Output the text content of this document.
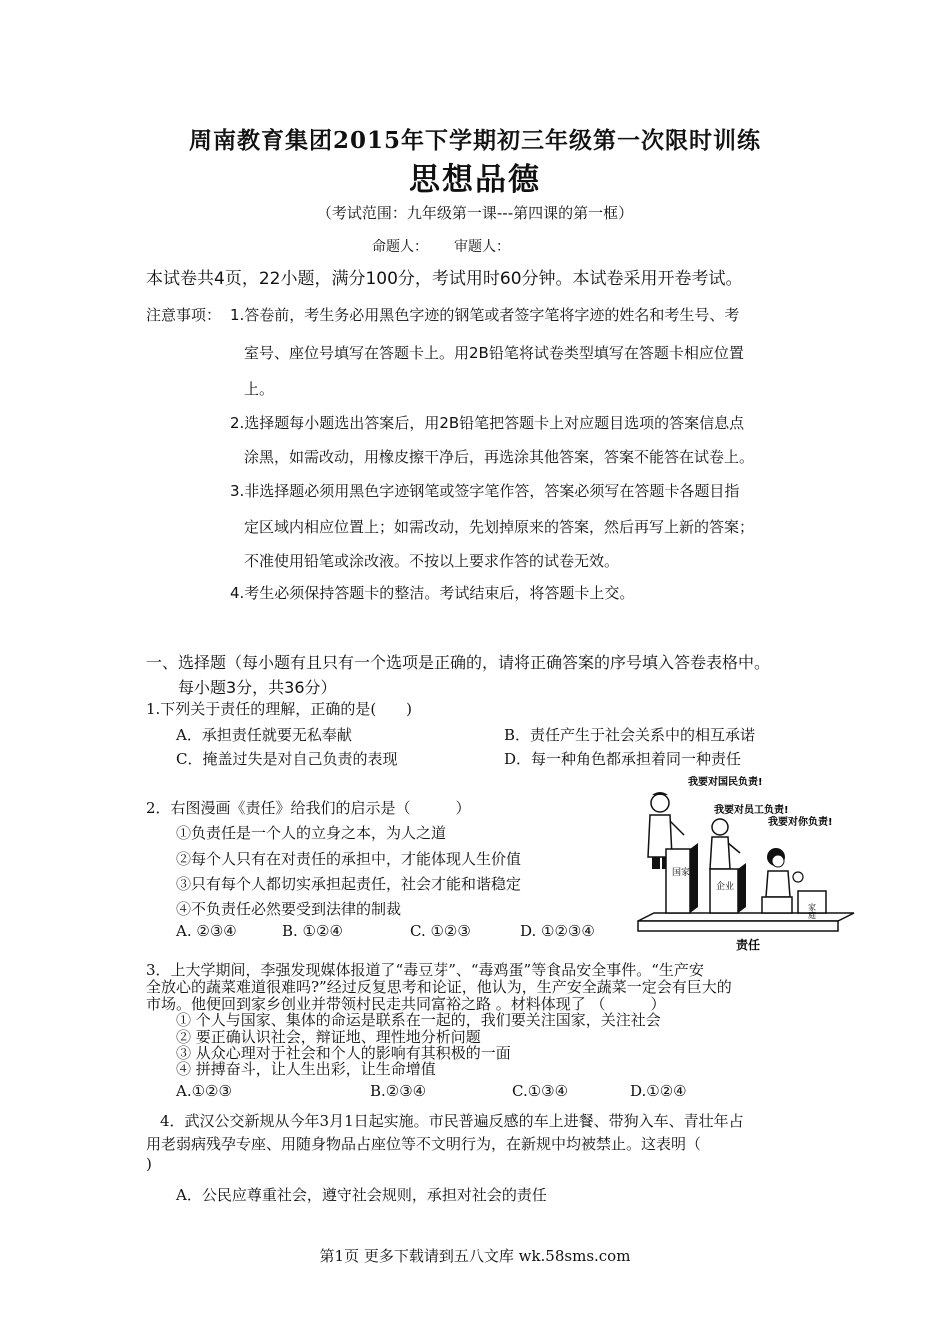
周南教育集团2015年下学期初三年级第一次限时训练
思想品德
（考试范围：九年级第一课---第四课的第一框）
命题人： 审题人：
本试卷共4页，22小题，满分100分，考试用时60分钟。本试卷采用开卷考试。
注意事项： 1.答卷前，考生务必用黑色字迹的钢笔或者签字笔将字迹的姓名和考生号、考
室号、座位号填写在答题卡上。用2B铅笔将试卷类型填写在答题卡相应位置
上。
2.选择题每小题选出答案后，用2B铅笔把答题卡上对应题目选项的答案信息点
涂黑，如需改动，用橡皮擦干净后，再选涂其他答案，答案不能答在试卷上。
3.非选择题必须用黑色字迹钢笔或签字笔作答，答案必须写在答题卡各题目指
定区域内相应位置上；如需改动，先划掉原来的答案，然后再写上新的答案；
不准使用铅笔或涂改液。不按以上要求作答的试卷无效。
4.考生必须保持答题卡的整洁。考试结束后，将答题卡上交。
一、选择题（每小题有且只有一个选项是正确的，请将正确答案的序号填入答卷表格中。
每小题3分，共36分）
1.下列关于责任的理解，正确的是(　　)
A．承担责任就要无私奉献	B．责任产生于社会关系中的相互承诺
C．掩盖过失是对自己负责的表现	D．每一种角色都承担着同一种责任
2．右图漫画《责任》给我们的启示是（　　　）
①负责任是一个人的立身之本，为人之道
②每个人只有在对责任的承担中，才能体现人生价值
③只有每个人都切实承担起责任，社会才能和谐稳定
④不负责任必然要受到法律的制裁
A. ②③④	B. ①②④	C. ①②③	D. ①②③④
我要对国民负责!
我要对员工负责!
我要对你负责!
国家
企业
家庭
责任
3．上大学期间，李强发现媒体报道了“毒豆芽”、“毒鸡蛋”等食品安全事件。“生产安
全放心的蔬菜难道很难吗?”经过反复思考和论证，他认为，生产安全蔬菜一定会有巨大的
市场。他便回到家乡创业并带领村民走共同富裕之路 。材料体现了 （　　　）
① 个人与国家、集体的命运是联系在一起的，我们要关注国家，关注社会
② 要正确认识社会，辩证地、理性地分析问题
③ 从众心理对于社会和个人的影响有其积极的一面
④ 拼搏奋斗，让人生出彩，让生命增值
A.①②③	B.②③④	C.①③④	D.①②④
4．武汉公交新规从今年3月1日起实施。市民普遍反感的车上进餐、带狗入车、青壮年占
用老弱病残孕专座、用随身物品占座位等不文明行为，在新规中均被禁止。这表明（
)
A．公民应尊重社会，遵守社会规则，承担对社会的责任
第1页 更多下载请到五八文库 wk.58sms.com
